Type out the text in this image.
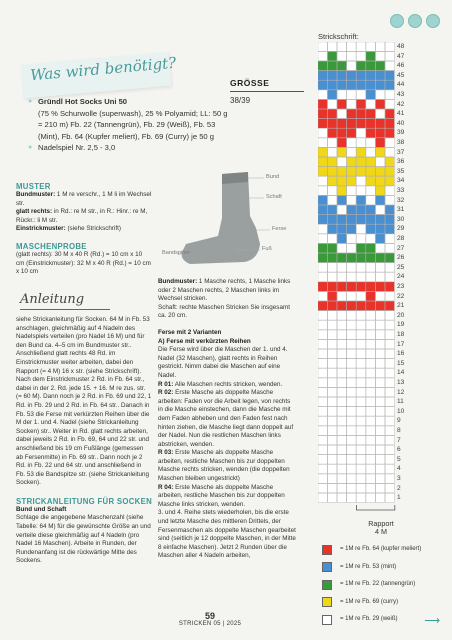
Was wird benötigt?	GRÖSSE
38/39
● Gründl Hot Socks Uni 50
(75 % Schurwolle (superwash), 25 % Polyamid; LL: 50 g = 210 m) Fb. 22 (Tannengrün), Fb. 29 (Weiß), Fb. 53 (Mint), Fb. 64 (Kupfer meliert), Fb. 69 (Curry) je 50 g
● Nadelspiel Nr. 2,5 - 3,0
MUSTER
Bundmuster: 1 M re verschr., 1 M li im Wechsel str.
glatt rechts: in Rd.: re M str., in R.: Hinr.: re M, Rückr.: li M str.
Einstrickmuster: (siehe Strickschrift)
MASCHENPROBE
(glatt rechts): 30 M x 40 R (Rd.) = 10 cm x 10 cm (Einstrickmuster): 32 M x 40 R (Rd.) = 10 cm x 10 cm
Anleitung
siehe Strickanleitung für Socken. 64 M in Fb. 53 anschlagen, gleichmäßig auf 4 Nadeln des Nadelspiels verteilen (pro Nadel 16 M) und für den Bund ca. 4–5 cm im Bundmuster str.. Anschließend glatt rechts 48 Rd. im Einstrickmuster weiter arbeiten, dabei den Rapport (= 4 M) 16 x str. (siehe Strickschrift). Nach dem Einstrickmuster 2 Rd. in Fb. 64 str., dabei in der 2. Rd. jede 15. + 16. M re zus. str. (= 60 M). Dann noch je 2 Rd. in Fb. 69 und 22, 1 Rd. in Fb. 29 und 2 Rd. in Fb. 64 str.. Danach in Fb. 53 die Ferse mit verkürzten Reihen über die M der 1. und 4. Nadel (siehe Strickanleitung Socken) str.. Weiter in Rd. glatt rechts arbeiten, dabei jeweils 2 Rd. in Fb. 69, 64 und 22 str. und anschließend bis 19 cm Fußlänge (gemessen ab Fersenmitte) in Fb. 69 str.. Dann noch je 2 Rd. in Fb. 22 und 64 str. und anschließend in Fb. 53 die Bandspitze str. (siehe Strickanleitung Socken).
STRICKANLEITUNG FÜR SOCKEN
Bund und Schaft
Schlage die angegebene Maschenzahl (siehe Tabelle: 64 M) für die gewünschte Größe an und verteile diese gleichmäßig auf 4 Nadeln (pro Nadel 16 Maschen). Arbeite in Runden, der Rundenanfang ist die rückwärtige Mitte des Sockens.
Bund
Schaft
Ferse
Fuß
Bandspitze
Bundmuster: 1 Masche rechts, 1 Masche links oder 2 Maschen rechts, 2 Maschen links im Wechsel stricken.
Schaft: rechte Maschen Stricken Sie insgesamt ca. 20 cm.
Ferse mit 2 Varianten
A) Ferse mit verkürzten Reihen
Die Ferse wird über die Maschen der 1. und 4. Nadel (32 Maschen), glatt rechts in Reihen gestrickt. Nimm dabei die Maschen auf eine Nadel.
R 01: Alle Maschen rechts stricken, wenden.
R 02: Erste Masche als doppelte Masche arbeiten: Faden vor die Arbeit legen, von rechts in die Masche einstechen, dann die Masche mit dem Faden abheben und den Faden fest nach hinten ziehen, die Masche liegt dann doppelt auf der Nadel. Nun die restlichen Maschen links abstricken, wenden.
R 03: Erste Masche als doppelte Masche arbeiten, restliche Maschen bis zur doppelten Masche rechts stricken, wenden (die doppelten Maschen bleiben ungestrickt)
R 04: Erste Masche als doppelte Masche arbeiten, restliche Maschen bis zur doppelten Masche links stricken, wenden.
3. und 4. Reihe stets wiederholen, bis die erste und letzte Masche des mittleren Drittels, der Fersenmaschen als doppelte Maschen gearbeitet sind (seitlich je 12 doppelte Maschen, in der Mitte 8 einfache Maschen). Jetzt 2 Runden über die Maschen aller 4 Nadeln arbeiten,
Strickschrift:
48
47
46
45
44
43
42
41
40
39
38
37
36
35
34
33
32
31
30
29
28
27
26
25
24
23
22
21
20
19
18
17
16
15
14
13
12
11
10
9
8
7
6
5
4
3
2
1
Rapport
4 M
= 1M re Fb. 64 (kupfer meliert)
= 1M re Fb. 53 (mint)
= 1M re Fb. 22 (tannengrün)
= 1M re Fb. 69 (curry)
= 1M re Fb. 29 (weiß)
59
STRICKEN 05 | 2025	⟶
